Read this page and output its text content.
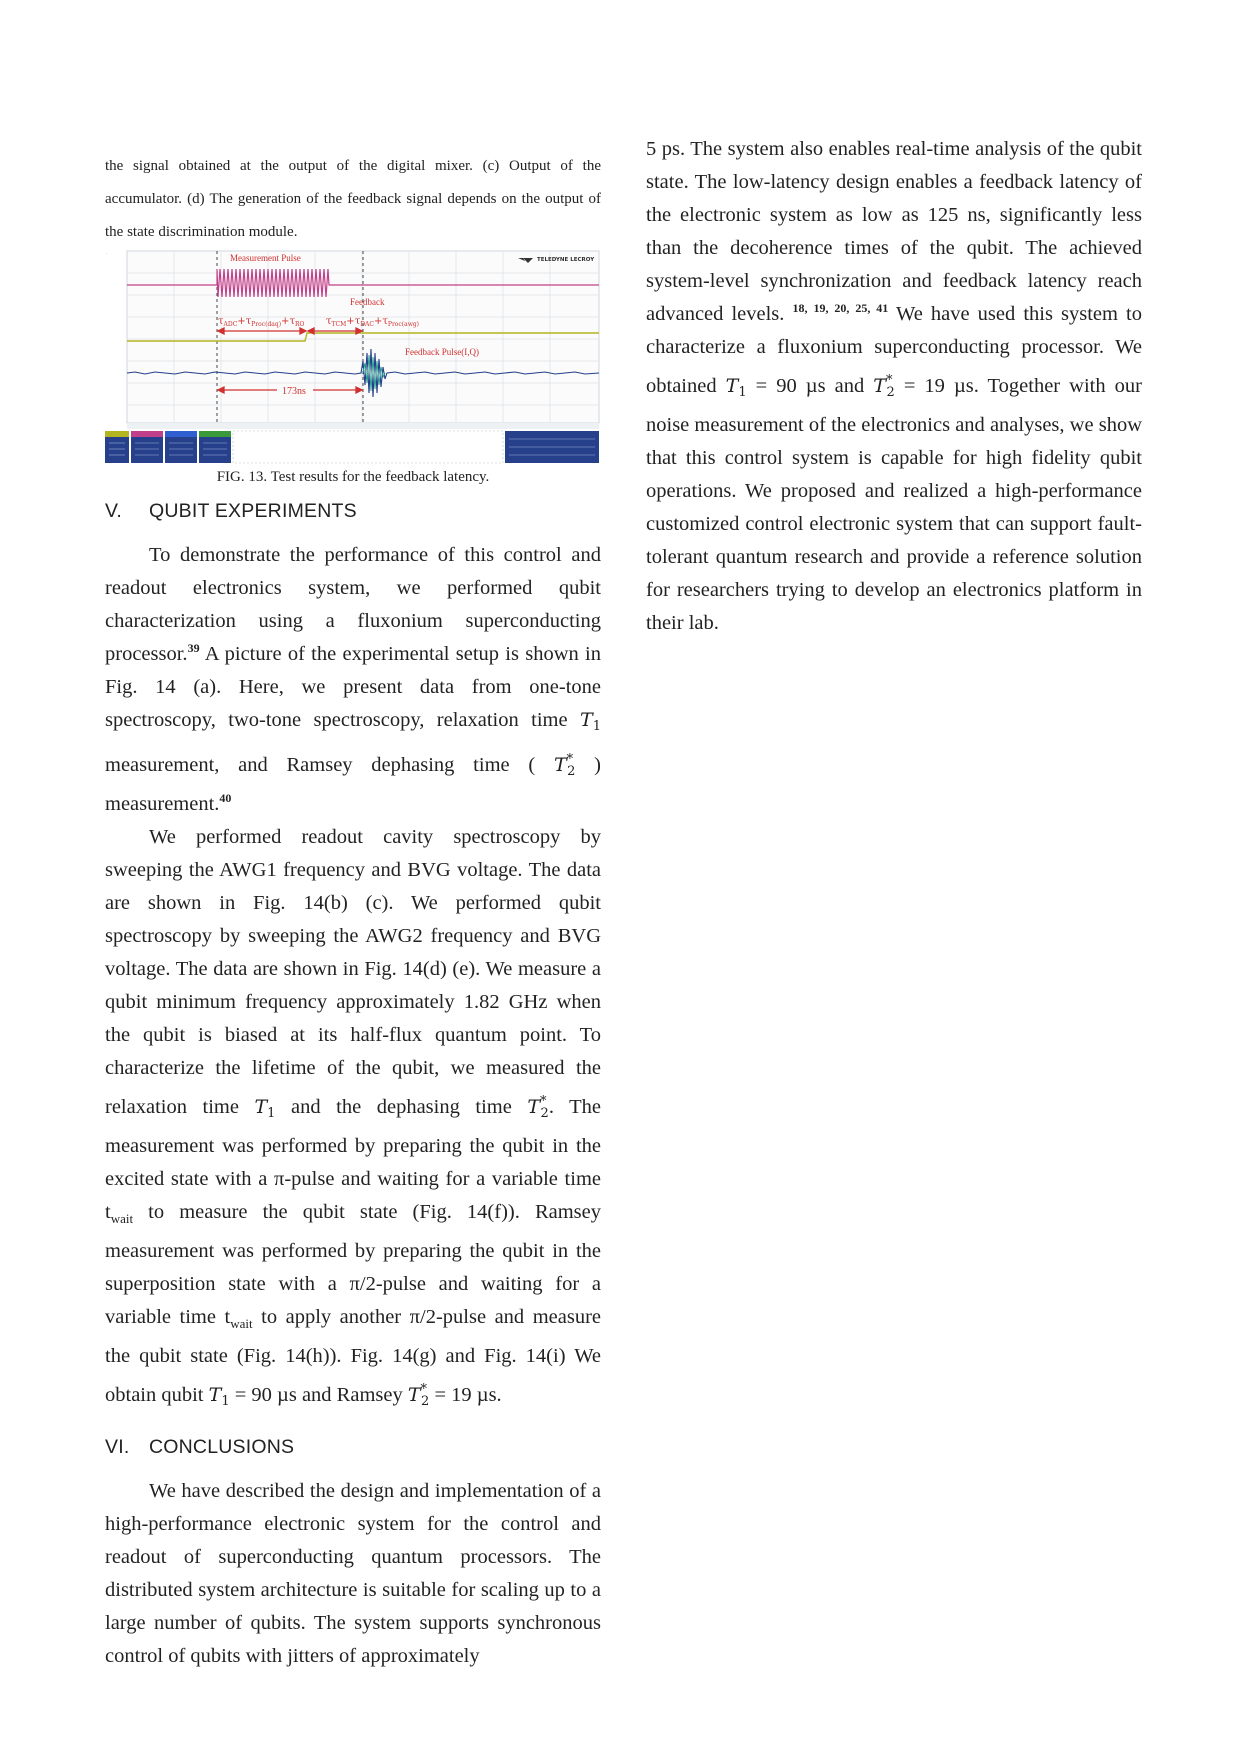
the signal obtained at the output of the digital mixer. (c) Output of the accumulator. (d) The generation of the feedback signal depends on the output of the state discrimination module.
·	Measurement Pulse
Feedback
Feedback Pulse(I,Q)
173ns
$\tau_{ADC}+\tau_{Proc(daq)}+\tau_{RO}$ $\tau_{TCM}+\tau_{DAC}+\tau_{Proc(awg)}$
TELEDYNE LECROY
FIG. 13. Test results for the feedback latency.
V. QUBIT EXPERIMENTS

To demonstrate the performance of this control and readout electronics system, we performed qubit characterization using a fluxonium superconducting processor.$^{39}$ A picture of the experimental setup is shown in Fig. 14 (a). Here, we present data from one-tone spectroscopy, two-tone spectroscopy, relaxation time $T_1$ measurement, and Ramsey dephasing time ( $T^*_2$ ) measurement.$^{40}$

We performed readout cavity spectroscopy by sweeping the AWG1 frequency and BVG voltage. The data are shown in Fig. 14(b) (c). We performed qubit spectroscopy by sweeping the AWG2 frequency and BVG voltage. The data are shown in Fig. 14(d) (e). We measure a qubit minimum frequency approximately 1.82 GHz when the qubit is biased at its half-flux quantum point. To characterize the lifetime of the qubit, we measured the relaxation time $T_1$ and the dephasing time $T^*_2$. The measurement was performed by preparing the qubit in the excited state with a π-pulse and waiting for a variable time $t_{wait}$ to measure the qubit state (Fig. 14(f)). Ramsey measurement was performed by preparing the qubit in the superposition state with a π/2-pulse and waiting for a variable time $t_{wait}$ to apply another π/2-pulse and measure the qubit state (Fig. 14(h)). Fig. 14(g) and Fig. 14(i) We obtain qubit $T_1 = 90$ µs and Ramsey $T^*_2 = 19$ µs.

VI. CONCLUSIONS

We have described the design and implementation of a high-performance electronic system for the control and readout of superconducting quantum processors. The distributed system architecture is suitable for scaling up to a large number of qubits. The system supports synchronous control of qubits with jitters of approximately

5 ps. The system also enables real-time analysis of the qubit state. The low-latency design enables a feedback latency of the electronic system as low as 125 ns, significantly less than the decoherence times of the qubit. The achieved system-level synchronization and feedback latency reach advanced levels. $^{18, 19, 20, 25, 41}$ We have used this system to characterize a fluxonium superconducting processor. We obtained $T_1 = 90$ µs and $T^*_2 = 19$ µs. Together with our noise measurement of the electronics and analyses, we show that this control system is capable for high fidelity qubit operations. We proposed and realized a high-performance customized control electronic system that can support fault-tolerant quantum research and provide a reference solution for researchers trying to develop an electronics platform in their lab.
